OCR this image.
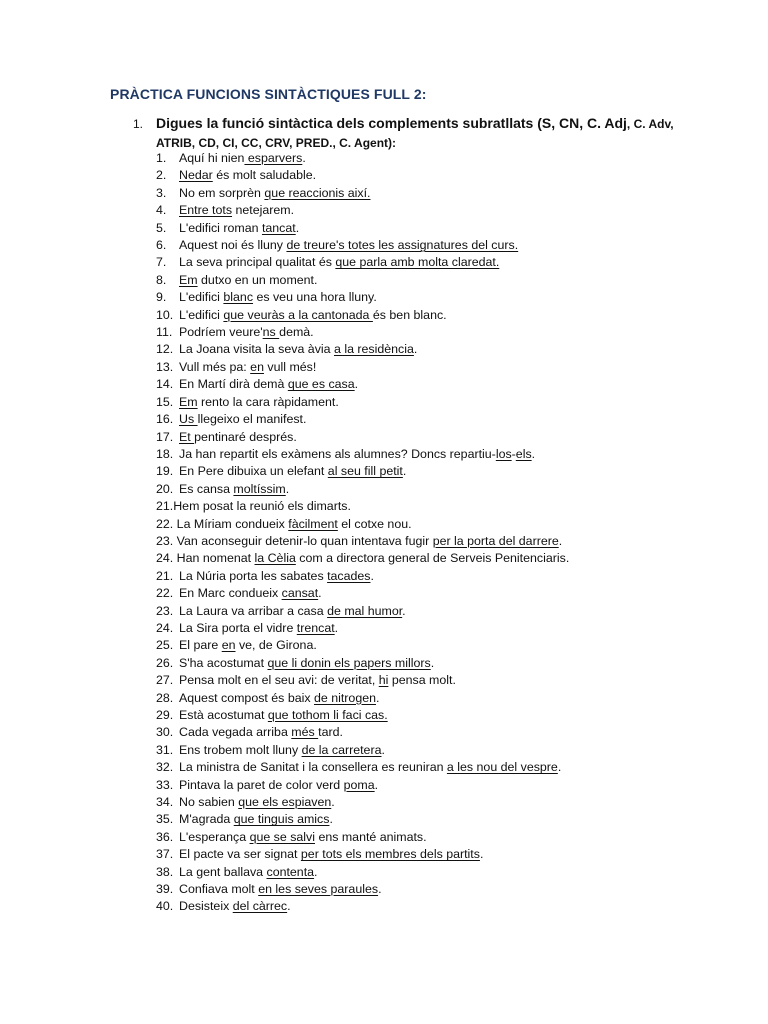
PRÀCTICA FUNCIONS SINTÀCTIQUES FULL 2:
1. Digues la funció sintàctica dels complements subratllats (S, CN, C. Adj, C. Adv,
ATRIB, CD, CI, CC, CRV, PRED., C. Agent):
1. Aquí hi nien esparvers.
2. Nedar és molt saludable.
3. No em sorprèn que reaccionis així.
4. Entre tots netejarem.
5. L'edifici roman tancat.
6. Aquest noi és lluny de treure's totes les assignatures del curs.
7. La seva principal qualitat és que parla amb molta claredat.
8. Em dutxo en un moment.
9. L'edifici blanc es veu una hora lluny.
10. L'edifici que veuràs a la cantonada és ben blanc.
11. Podríem veure'ns demà.
12. La Joana visita la seva àvia a la residència.
13. Vull més pa: en vull més!
14. En Martí dirà demà que es casa.
15. Em rento la cara ràpidament.
16. Us llegeixo el manifest.
17. Et pentinaré després.
18. Ja han repartit els exàmens als alumnes? Doncs repartiu-los-els.
19. En Pere dibuixa un elefant al seu fill petit.
20. Es cansa moltíssim.
21.Hem posat la reunió els dimarts.
22. La Míriam condueix fàcilment el cotxe nou.
23. Van aconseguir detenir-lo quan intentava fugir per la porta del darrere.
24. Han nomenat la Cèlia com a directora general de Serveis Penitenciaris.
21. La Núria porta les sabates tacades.
22. En Marc condueix cansat.
23. La Laura va arribar a casa de mal humor.
24. La Sira porta el vidre trencat.
25. El pare en ve, de Girona.
26. S'ha acostumat que li donin els papers millors.
27. Pensa molt en el seu avi: de veritat, hi pensa molt.
28. Aquest compost és baix de nitrogen.
29. Està acostumat que tothom li faci cas.
30. Cada vegada arriba més tard.
31. Ens trobem molt lluny de la carretera.
32. La ministra de Sanitat i la consellera es reuniran a les nou del vespre.
33. Pintava la paret de color verd poma.
34. No sabien que els espiaven.
35. M'agrada que tinguis amics.
36. L'esperança que se salvi ens manté animats.
37. El pacte va ser signat per tots els membres dels partits.
38. La gent ballava contenta.
39. Confiava molt en les seves paraules.
40. Desisteix del càrrec.
